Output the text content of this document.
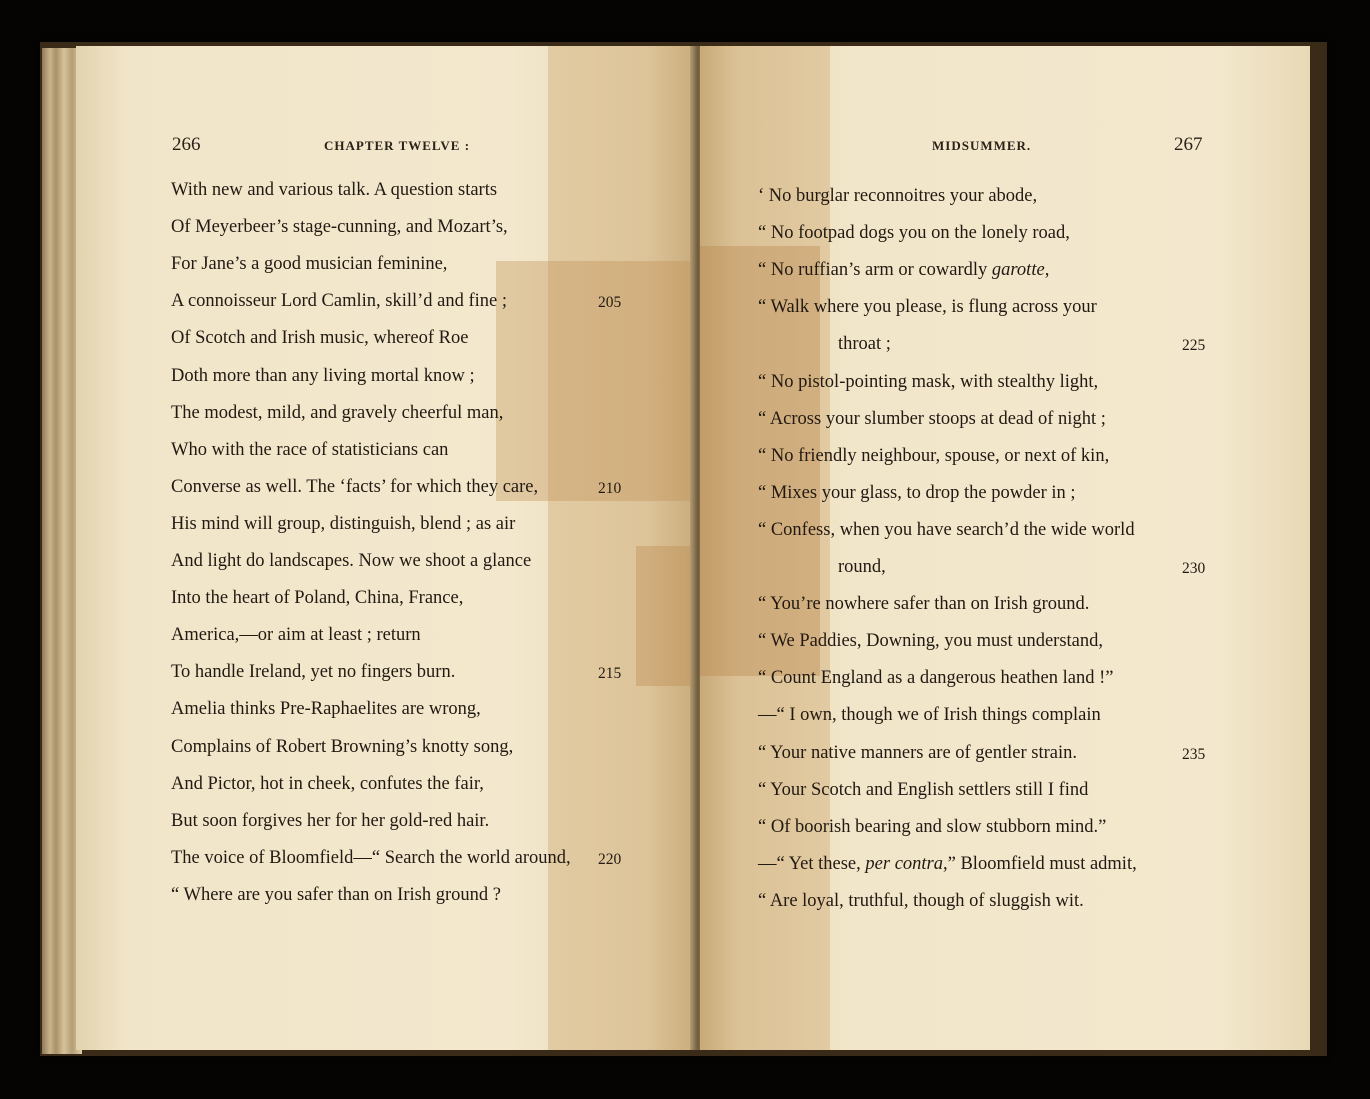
266	CHAPTER TWELVE :
With new and various talk. A question starts
Of Meyerbeer’s stage-cunning, and Mozart’s,
For Jane’s a good musician feminine,
A connoisseur Lord Camlin, skill’d and fine ;	205
Of Scotch and Irish music, whereof Roe
Doth more than any living mortal know ;
The modest, mild, and gravely cheerful man,
Who with the race of statisticians can
Converse as well. The ‘facts’ for which they care,	210
His mind will group, distinguish, blend ; as air
And light do landscapes. Now we shoot a glance
Into the heart of Poland, China, France,
America,—or aim at least ; return
To handle Ireland, yet no fingers burn.	215
Amelia thinks Pre-Raphaelites are wrong,
Complains of Robert Browning’s knotty song,
And Pictor, hot in cheek, confutes the fair,
But soon forgives her for her gold-red hair.
The voice of Bloomfield—“ Search the world around, 220
“ Where are you safer than on Irish ground ?
MIDSUMMER.	267
‘ No burglar reconnoitres your abode,
“ No footpad dogs you on the lonely road,
“ No ruffian’s arm or cowardly garotte,
“ Walk where you please, is flung across your
throat ;	225
“ No pistol-pointing mask, with stealthy light,
“ Across your slumber stoops at dead of night ;
“ No friendly neighbour, spouse, or next of kin,
“ Mixes your glass, to drop the powder in ;
“ Confess, when you have search’d the wide world
round,	230
“ You’re nowhere safer than on Irish ground.
“ We Paddies, Downing, you must understand,
“ Count England as a dangerous heathen land !”
—“ I own, though we of Irish things complain
“ Your native manners are of gentler strain.	235
“ Your Scotch and English settlers still I find
“ Of boorish bearing and slow stubborn mind.”
—“ Yet these, per contra,” Bloomfield must admit,
“ Are loyal, truthful, though of sluggish wit.
